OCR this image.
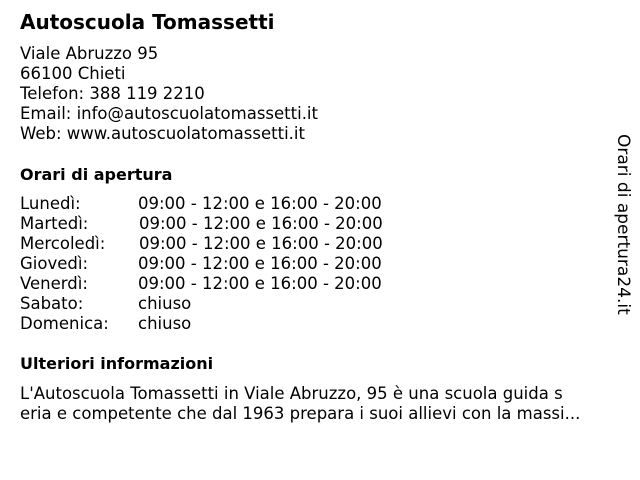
Autoscuola Tomassetti
Viale Abruzzo 95
66100 Chieti
Telefon: 388 119 2210
Email: info@autoscuolatomassetti.it
Web: www.autoscuolatomassetti.it
Orari di apertura
Lunedì:	09:00 - 12:00 e 16:00 - 20:00
Martedì:	09:00 - 12:00 e 16:00 - 20:00
Mercoledì: 09:00 - 12:00 e 16:00 - 20:00
Giovedì:	09:00 - 12:00 e 16:00 - 20:00
Venerdì:	09:00 - 12:00 e 16:00 - 20:00
Sabato:	chiuso
Domenica: chiuso
Ulteriori informazioni
L'Autoscuola Tomassetti in Viale Abruzzo, 95 è una scuola guida s
eria e competente che dal 1963 prepara i suoi allievi con la massi...
Orari di apertura24.it
